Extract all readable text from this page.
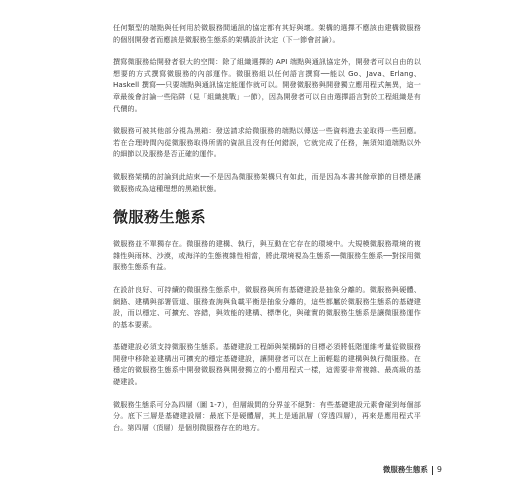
任何類型的端點與任何用於微服務間通訊的協定都有其好與壞。架構的選擇不應該由建構微服務的個別開發者而應該是微服務生態系的架構設計決定（下一節會討論）。

撰寫微服務給開發者很大的空間：除了組織選擇的 API 端點與通訊協定外，開發者可以自由的以想要的方式撰寫微服務的內部運作。微服務組以任何語言撰寫──能以 Go、Java、Erlang、Haskell 撰寫──只要端點與通訊協定能運作就可以。開發微服務與開發獨立應用程式無異，這一章最後會討論一些陷阱（見「組織挑戰」一節），因為開發者可以自由選擇語言對於工程組織是有代價的。

微服務可被其他部分視為黑箱：發送請求給微服務的端點以傳送一些資料進去並取得一些回應。若在合理時間內從微服務取得所需的資訊且沒有任何錯誤，它就完成了任務，無須知道端點以外的細節以及服務是否正確的運作。

微服務架構的討論到此結束──不是因為微服務架構只有如此，而是因為本書其餘章節的目標是讓微服務成為這種理想的黑箱狀態。

微服務生態系

微服務並不單獨存在。微服務的建構、執行，與互動在它存在的環境中。大規模微服務環境的複雜性與雨林、沙漠，或海洋的生態複雜性相當，將此環境視為生態系──微服務生態系──對採用微服務生態系有益。

在設計良好、可持續的微服務生態系中，微服務與所有基礎建設是抽象分離的。微服務與硬體、網路、建構與部署管道、服務查詢與負載平衡是抽象分離的，這些都屬於微服務生態系的基礎建設，而以穩定、可擴充、容錯，與效能的建構、標準化，與確實的微服務生態系是讓微服務運作的基本要素。

基礎建設必須支持微服務生態系。基礎建設工程師與架構師的目標必須將低階運維考量從微服務開發中移除並建構出可擴充的穩定基礎建設，讓開發者可以在上面輕鬆的建構與執行微服務。在穩定的微服務生態系中開發微服務與開發獨立的小應用程式一樣，這需要非常複雜、最高級的基礎建設。

微服務生態系可分為四層（圖 1-7），但層級間的分界並不絕對：有些基礎建設元素會碰到每個部分。底下三層是基礎建設層：最底下是硬體層，其上是通訊層（穿透四層），再來是應用程式平台。第四層（頂層）是個別微服務存在的地方。

微服務生態系 9
